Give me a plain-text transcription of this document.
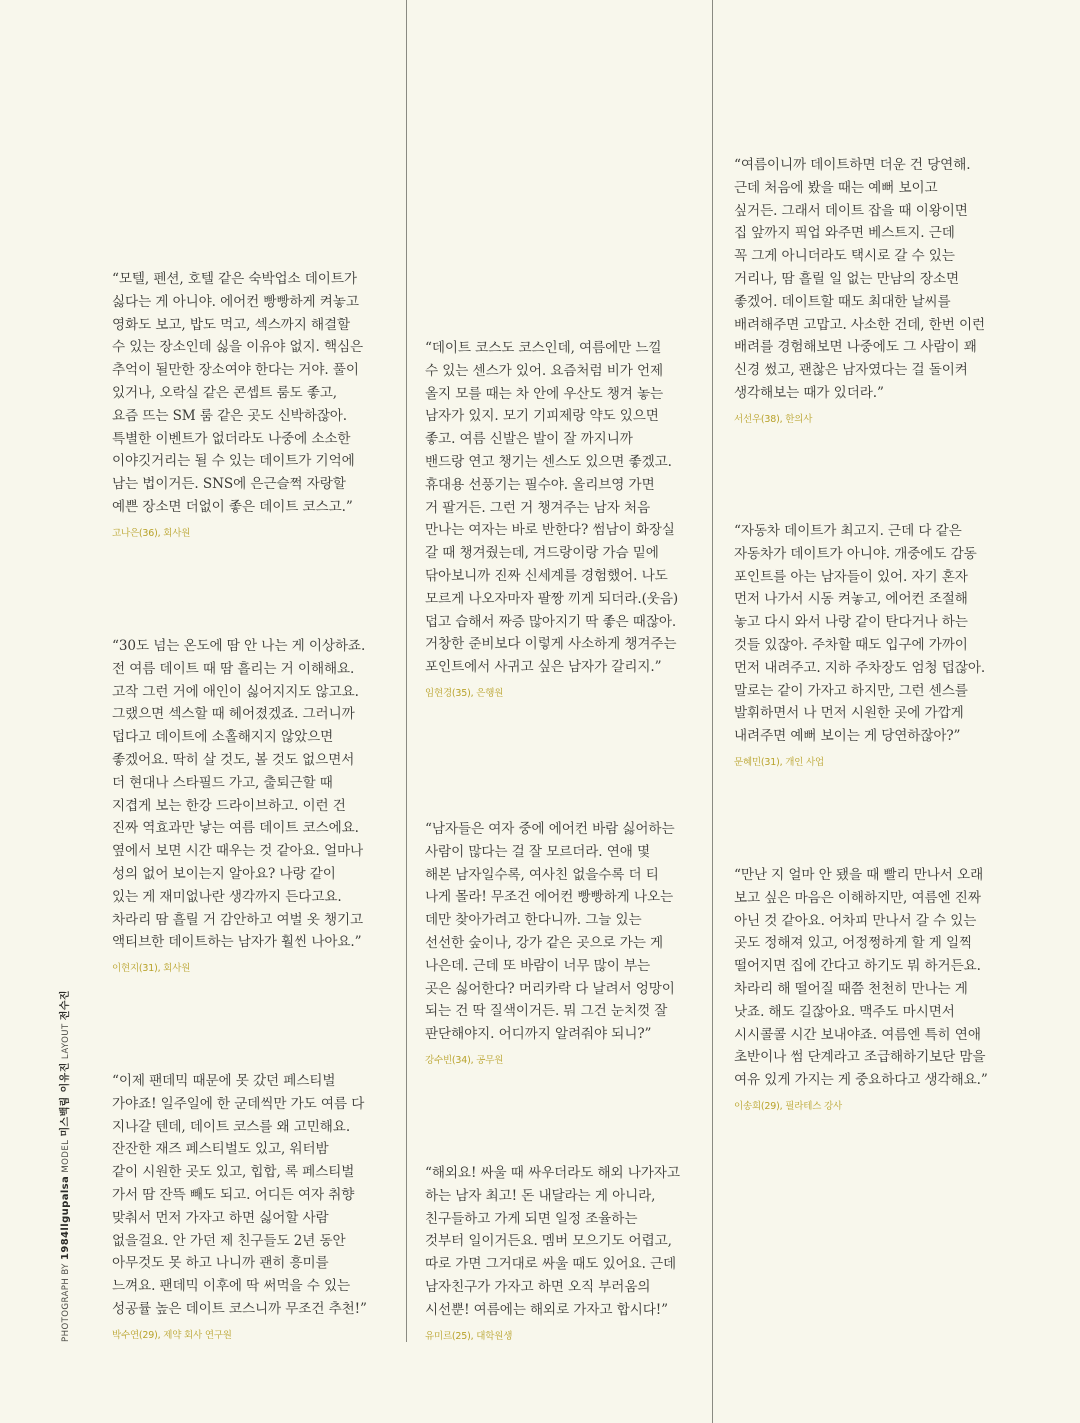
“모텔, 펜션, 호텔 같은 숙박업소 데이트가
싫다는 게 아니야. 에어컨 빵빵하게 켜놓고
영화도 보고, 밥도 먹고, 섹스까지 해결할
수 있는 장소인데 싫을 이유야 없지. 핵심은
추억이 될만한 장소여야 한다는 거야. 풀이
있거나, 오락실 같은 콘셉트 룸도 좋고,
요즘 뜨는 SM 룸 같은 곳도 신박하잖아.
특별한 이벤트가 없더라도 나중에 소소한
이야깃거리는 될 수 있는 데이트가 기억에
남는 법이거든. SNS에 은근슬쩍 자랑할
예쁜 장소면 더없이 좋은 데이트 코스고.”

고나은(36), 회사원

“30도 넘는 온도에 땀 안 나는 게 이상하죠.
전 여름 데이트 때 땀 흘리는 거 이해해요.
고작 그런 거에 애인이 싫어지지도 않고요.
그랬으면 섹스할 때 헤어졌겠죠. 그러니까
덥다고 데이트에 소홀해지지 않았으면
좋겠어요. 딱히 살 것도, 볼 것도 없으면서
더 현대나 스타필드 가고, 출퇴근할 때
지겹게 보는 한강 드라이브하고. 이런 건
진짜 역효과만 낳는 여름 데이트 코스에요.
옆에서 보면 시간 때우는 것 같아요. 얼마나
성의 없어 보이는지 알아요? 나랑 같이
있는 게 재미없나란 생각까지 든다고요.
차라리 땀 흘릴 거 감안하고 여벌 옷 챙기고
액티브한 데이트하는 남자가 훨씬 나아요.”

이현지(31), 회사원

“이제 팬데믹 때문에 못 갔던 페스티벌
가야죠! 일주일에 한 군데씩만 가도 여름 다
지나갈 텐데, 데이트 코스를 왜 고민해요.
잔잔한 재즈 페스티벌도 있고, 워터밤
같이 시원한 곳도 있고, 힙합, 록 페스티벌
가서 땀 잔뜩 빼도 되고. 어디든 여자 취향
맞춰서 먼저 가자고 하면 싫어할 사람
없을걸요. 안 가던 제 친구들도 2년 동안
아무것도 못 하고 나니까 괜히 흥미를
느껴요. 팬데믹 이후에 딱 써먹을 수 있는
성공률 높은 데이트 코스니까 무조건 추천!”

박수연(29), 제약 회사 연구원

“데이트 코스도 코스인데, 여름에만 느낄
수 있는 센스가 있어. 요즘처럼 비가 언제
올지 모를 때는 차 안에 우산도 챙겨 놓는
남자가 있지. 모기 기피제랑 약도 있으면
좋고. 여름 신발은 발이 잘 까지니까
밴드랑 연고 챙기는 센스도 있으면 좋겠고.
휴대용 선풍기는 필수야. 올리브영 가면
거 팔거든. 그런 거 챙겨주는 남자 처음
만나는 여자는 바로 반한다? 썸남이 화장실
갈 때 챙겨줬는데, 겨드랑이랑 가슴 밑에
닦아보니까 진짜 신세계를 경험했어. 나도
모르게 나오자마자 팔짱 끼게 되더라.(웃음)
덥고 습해서 짜증 많아지기 딱 좋은 때잖아.
거창한 준비보다 이렇게 사소하게 챙겨주는
포인트에서 사귀고 싶은 남자가 갈리지.”

임현경(35), 은행원

“남자들은 여자 중에 에어컨 바람 싫어하는
사람이 많다는 걸 잘 모르더라. 연애 몇
해본 남자일수록, 여사친 없을수록 더 티
나게 몰라! 무조건 에어컨 빵빵하게 나오는
데만 찾아가려고 한다니까. 그늘 있는
선선한 숲이나, 강가 같은 곳으로 가는 게
나은데. 근데 또 바람이 너무 많이 부는
곳은 싫어한다? 머리카락 다 날려서 엉망이
되는 건 딱 질색이거든. 뭐 그건 눈치껏 잘
판단해야지. 어디까지 알려줘야 되니?”

강수빈(34), 공무원

“해외요! 싸울 때 싸우더라도 해외 나가자고
하는 남자 최고! 돈 내달라는 게 아니라,
친구들하고 가게 되면 일정 조율하는
것부터 일이거든요. 멤버 모으기도 어렵고,
따로 가면 그거대로 싸울 때도 있어요. 근데
남자친구가 가자고 하면 오직 부러움의
시선뿐! 여름에는 해외로 가자고 합시다!”

유미르(25), 대학원생

“여름이니까 데이트하면 더운 건 당연해.
근데 처음에 봤을 때는 예뻐 보이고
싶거든. 그래서 데이트 잡을 때 이왕이면
집 앞까지 픽업 와주면 베스트지. 근데
꼭 그게 아니더라도 택시로 갈 수 있는
거리나, 땀 흘릴 일 없는 만남의 장소면
좋겠어. 데이트할 때도 최대한 날씨를
배려해주면 고맙고. 사소한 건데, 한번 이런
배려를 경험해보면 나중에도 그 사람이 꽤
신경 썼고, 괜찮은 남자였다는 걸 돌이켜
생각해보는 때가 있더라.”

서선우(38), 한의사

“자동차 데이트가 최고지. 근데 다 같은
자동차가 데이트가 아니야. 개중에도 감동
포인트를 아는 남자들이 있어. 자기 혼자
먼저 나가서 시동 켜놓고, 에어컨 조절해
놓고 다시 와서 나랑 같이 탄다거나 하는
것들 있잖아. 주차할 때도 입구에 가까이
먼저 내려주고. 지하 주차장도 엄청 덥잖아.
말로는 같이 가자고 하지만, 그런 센스를
발휘하면서 나 먼저 시원한 곳에 가깝게
내려주면 예뻐 보이는 게 당연하잖아?”

문혜민(31), 개인 사업

“만난 지 얼마 안 됐을 때 빨리 만나서 오래
보고 싶은 마음은 이해하지만, 여름엔 진짜
아닌 것 같아요. 어차피 만나서 갈 수 있는
곳도 정해져 있고, 어정쩡하게 할 게 일찍
떨어지면 집에 간다고 하기도 뭐 하거든요.
차라리 해 떨어질 때쯤 천천히 만나는 게
낫죠. 해도 길잖아요. 맥주도 마시면서
시시콜콜 시간 보내야죠. 여름엔 특히 연애
초반이나 썸 단계라고 조급해하기보단 맘을
여유 있게 가지는 게 중요하다고 생각해요.”

이송희(29), 필라테스 강사
PHOTOGRAPH BY 1984llgupalsa MODEL 미스백림 이유진 LAYOUT 전수진
